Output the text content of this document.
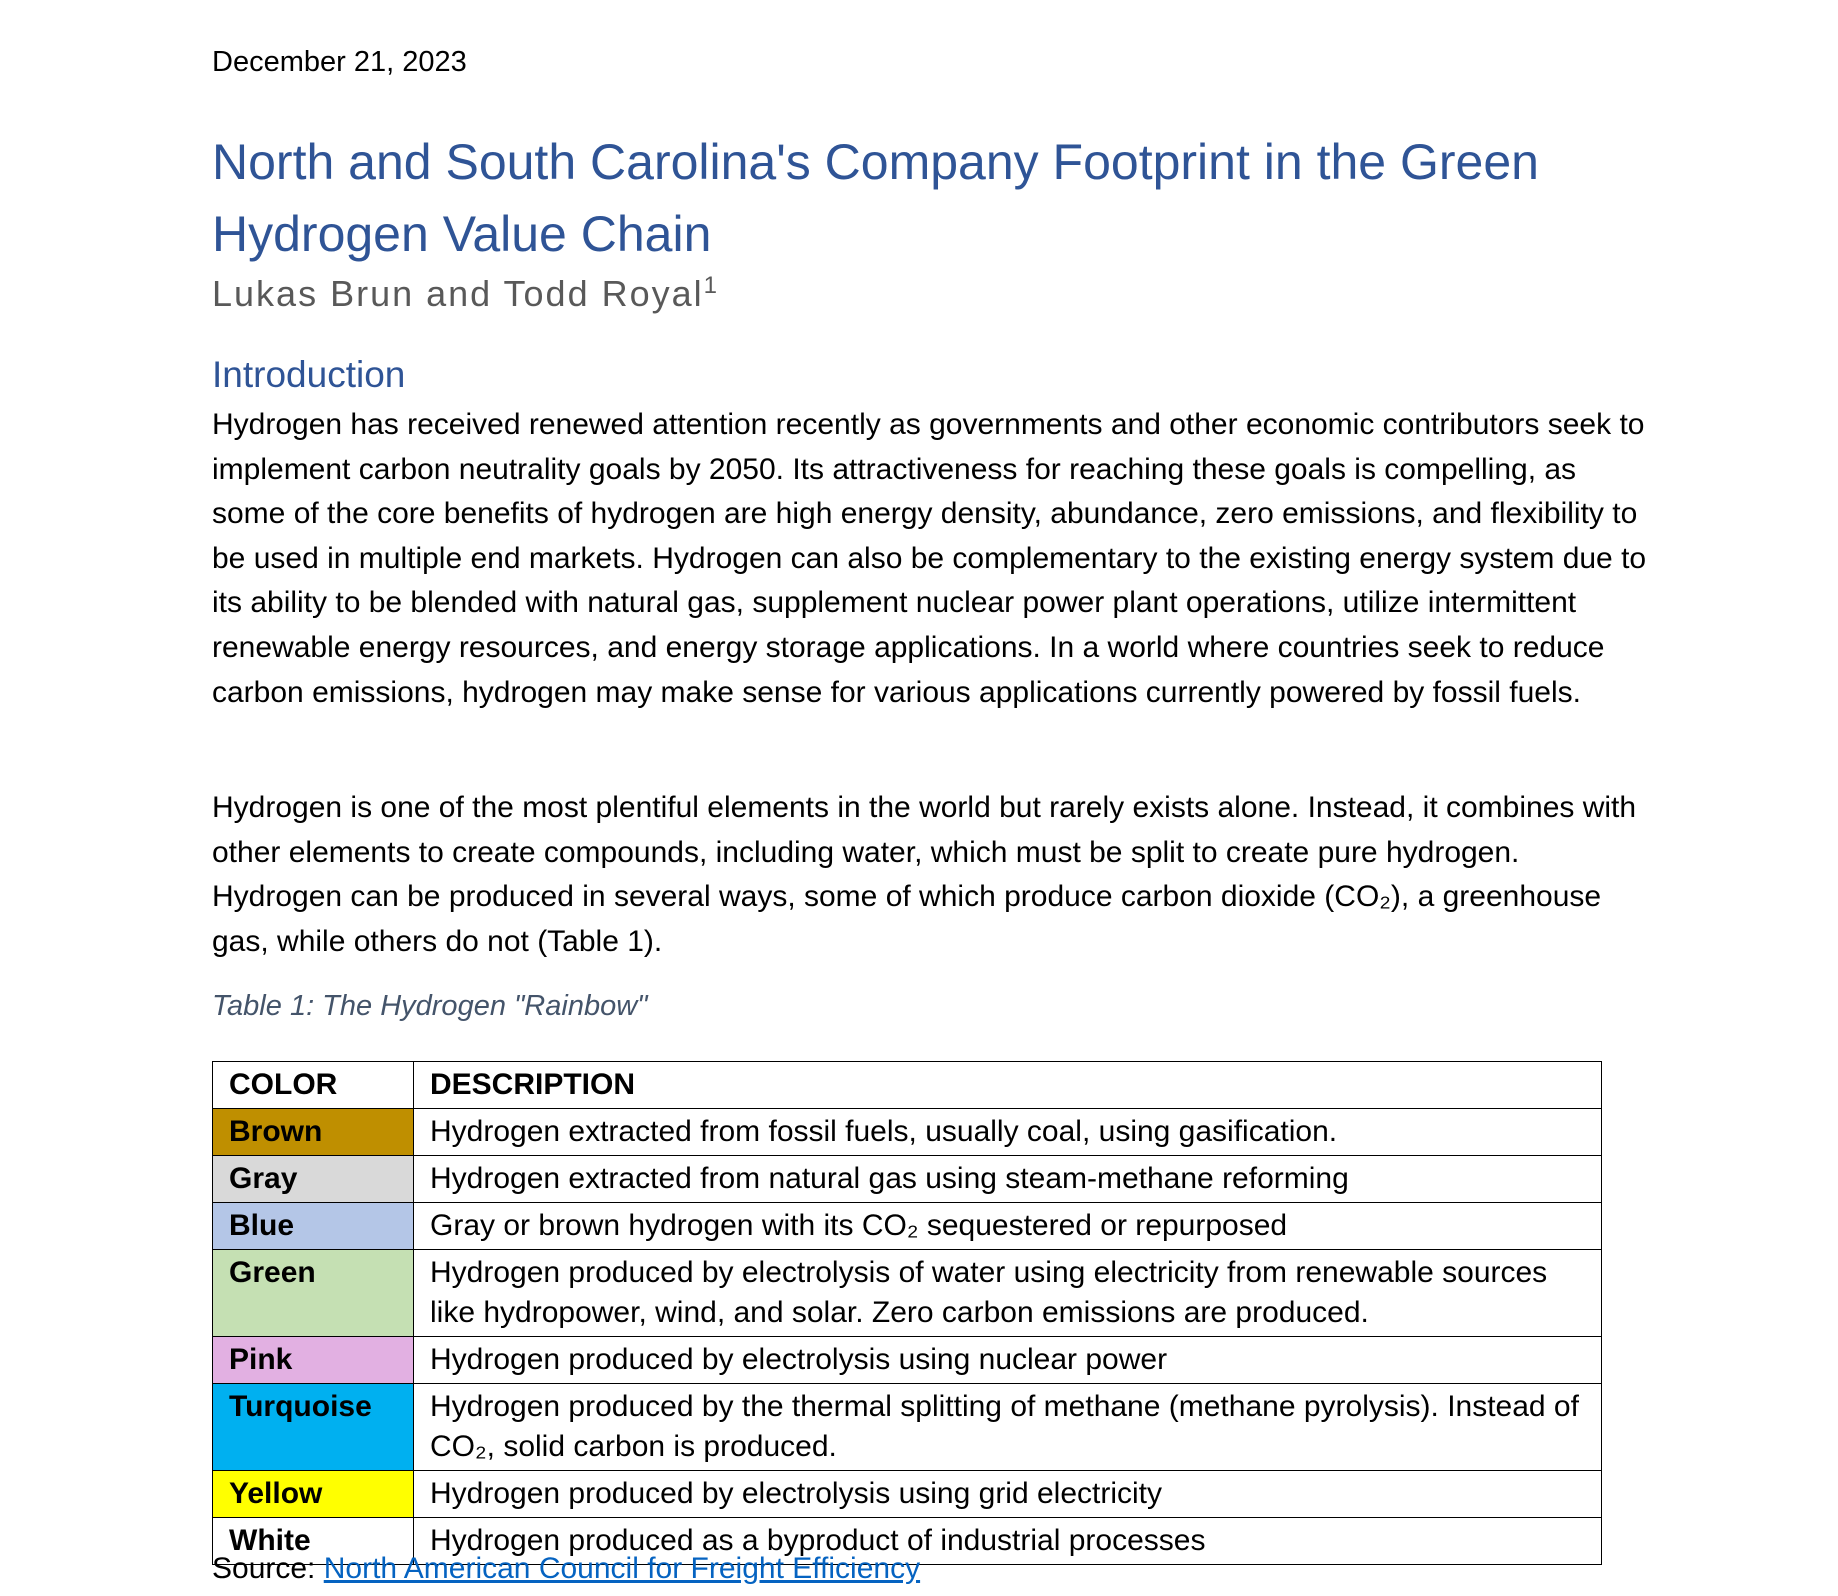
December 21, 2023
North and South Carolina's Company Footprint in the Green Hydrogen Value Chain
Lukas Brun and Todd Royal$^1$
Introduction

Hydrogen has received renewed attention recently as governments and other economic contributors seek to implement carbon neutrality goals by 2050. Its attractiveness for reaching these goals is compelling, as some of the core benefits of hydrogen are high energy density, abundance, zero emissions, and flexibility to be used in multiple end markets. Hydrogen can also be complementary to the existing energy system due to its ability to be blended with natural gas, supplement nuclear power plant operations, utilize intermittent renewable energy resources, and energy storage applications. In a world where countries seek to reduce carbon emissions, hydrogen may make sense for various applications currently powered by fossil fuels.

Hydrogen is one of the most plentiful elements in the world but rarely exists alone. Instead, it combines with other elements to create compounds, including water, which must be split to create pure hydrogen. Hydrogen can be produced in several ways, some of which produce carbon dioxide (CO₂), a greenhouse gas, while others do not (Table 1).

Table 1: The Hydrogen "Rainbow"
COLOR	DESCRIPTION
Brown	Hydrogen extracted from fossil fuels, usually coal, using gasification.
Gray	Hydrogen extracted from natural gas using steam-methane reforming
Blue	Gray or brown hydrogen with its CO₂ sequestered or repurposed
Green	Hydrogen produced by electrolysis of water using electricity from renewable sources like hydropower, wind, and solar. Zero carbon emissions are produced.
Pink	Hydrogen produced by electrolysis using nuclear power
Turquoise	Hydrogen produced by the thermal splitting of methane (methane pyrolysis). Instead of CO₂, solid carbon is produced.
Yellow	Hydrogen produced by electrolysis using grid electricity
White	Hydrogen produced as a byproduct of industrial processes
Source: North American Council for Freight Efficiency
